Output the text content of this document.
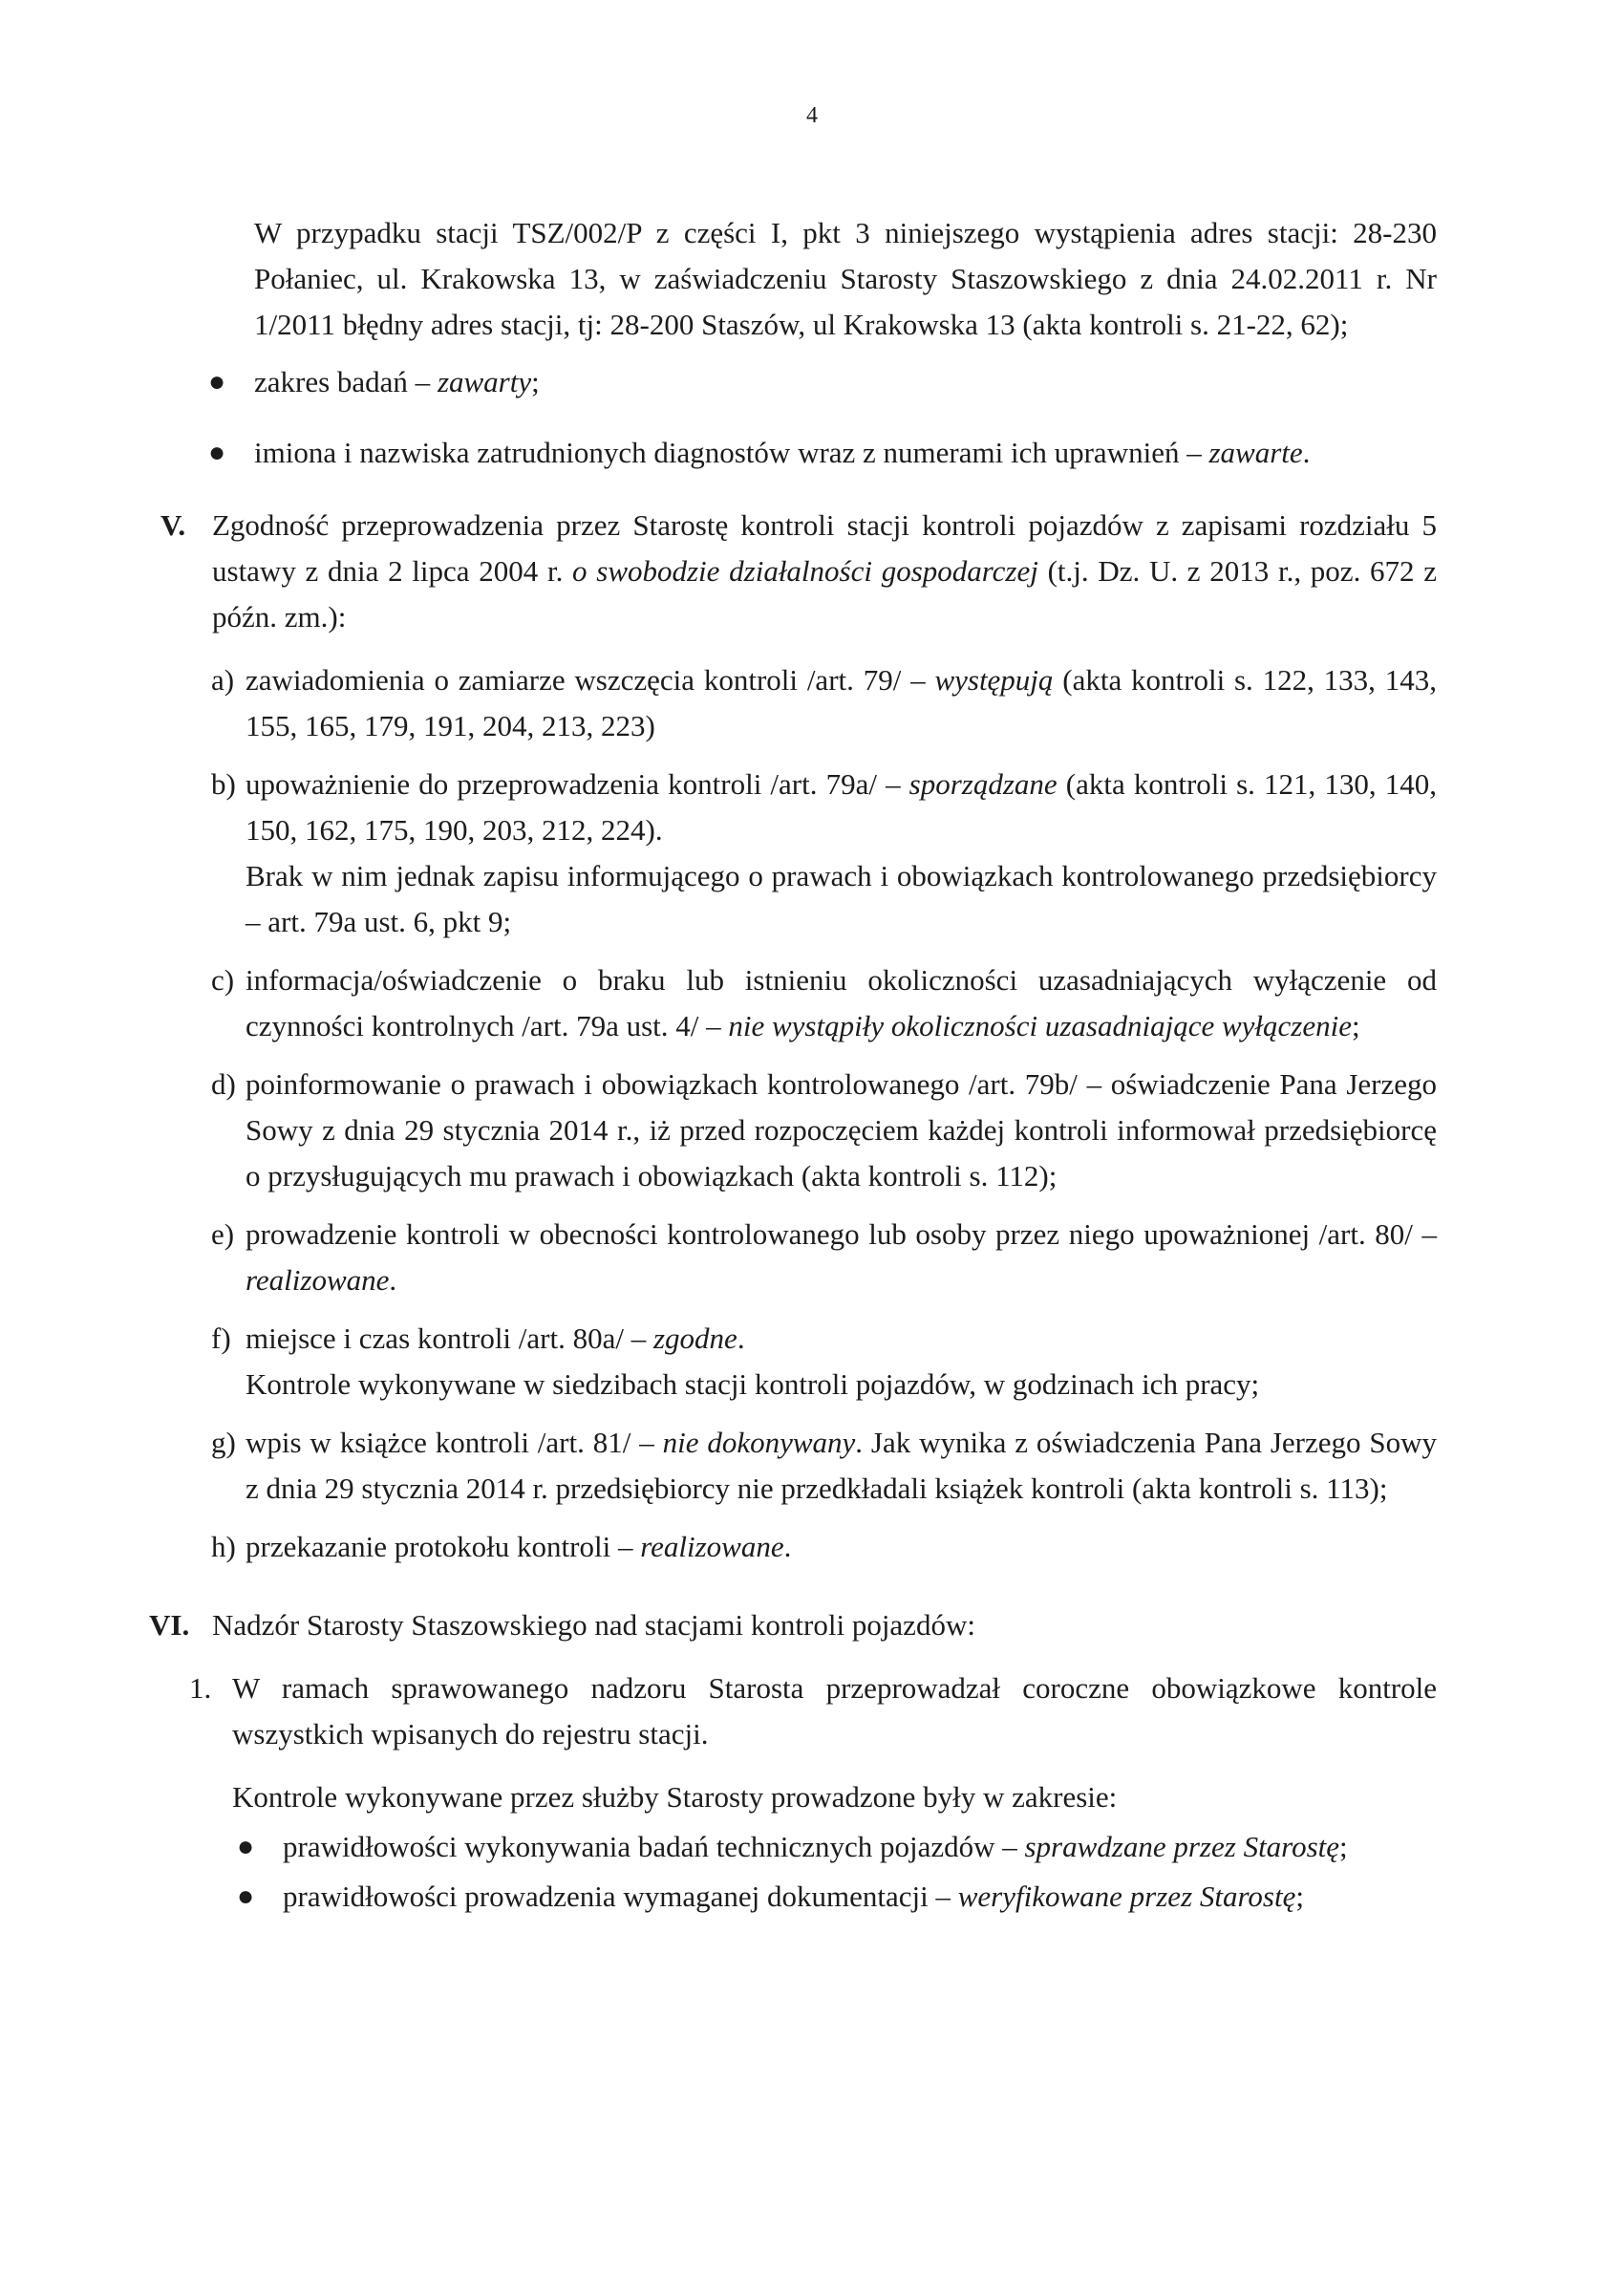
4

W przypadku stacji TSZ/002/P z części I, pkt 3 niniejszego wystąpienia adres stacji: 28-230 Połaniec, ul. Krakowska 13, w zaświadczeniu Starosty Staszowskiego z dnia 24.02.2011 r. Nr 1/2011 błędny adres stacji, tj: 28-200 Staszów, ul Krakowska 13 (akta kontroli s. 21-22, 62);

● zakres badań – zawarty;
● imiona i nazwiska zatrudnionych diagnostów wraz z numerami ich uprawnień – zawarte.
V. Zgodność przeprowadzenia przez Starostę kontroli stacji kontroli pojazdów z zapisami rozdziału 5 ustawy z dnia 2 lipca 2004 r. o swobodzie działalności gospodarczej (t.j. Dz. U. z 2013 r., poz. 672 z późn. zm.):

a) zawiadomienia o zamiarze wszczęcia kontroli /art. 79/ – występują (akta kontroli s. 122, 133, 143, 155, 165, 179, 191, 204, 213, 223)

b) upoważnienie do przeprowadzenia kontroli /art. 79a/ – sporządzane (akta kontroli s. 121, 130, 140, 150, 162, 175, 190, 203, 212, 224).

Brak w nim jednak zapisu informującego o prawach i obowiązkach kontrolowanego przedsiębiorcy – art. 79a ust. 6, pkt 9;

c) informacja/oświadczenie o braku lub istnieniu okoliczności uzasadniających wyłączenie od czynności kontrolnych /art. 79a ust. 4/ – nie wystąpiły okoliczności uzasadniające wyłączenie;

d) poinformowanie o prawach i obowiązkach kontrolowanego /art. 79b/ – oświadczenie Pana Jerzego Sowy z dnia 29 stycznia 2014 r., iż przed rozpoczęciem każdej kontroli informował przedsiębiorcę o przysługujących mu prawach i obowiązkach (akta kontroli s. 112);

e) prowadzenie kontroli w obecności kontrolowanego lub osoby przez niego upoważnionej /art. 80/ – realizowane.

f) miejsce i czas kontroli /art. 80a/ – zgodne.

Kontrole wykonywane w siedzibach stacji kontroli pojazdów, w godzinach ich pracy;

g) wpis w książce kontroli /art. 81/ – nie dokonywany. Jak wynika z oświadczenia Pana Jerzego Sowy z dnia 29 stycznia 2014 r. przedsiębiorcy nie przedkładali książek kontroli (akta kontroli s. 113);

h) przekazanie protokołu kontroli – realizowane.

VI. Nadzór Starosty Staszowskiego nad stacjami kontroli pojazdów:

1. W ramach sprawowanego nadzoru Starosta przeprowadzał coroczne obowiązkowe kontrole wszystkich wpisanych do rejestru stacji.

Kontrole wykonywane przez służby Starosty prowadzone były w zakresie:

● prawidłowości wykonywania badań technicznych pojazdów – sprawdzane przez Starostę;
● prawidłowości prowadzenia wymaganej dokumentacji – weryfikowane przez Starostę;
